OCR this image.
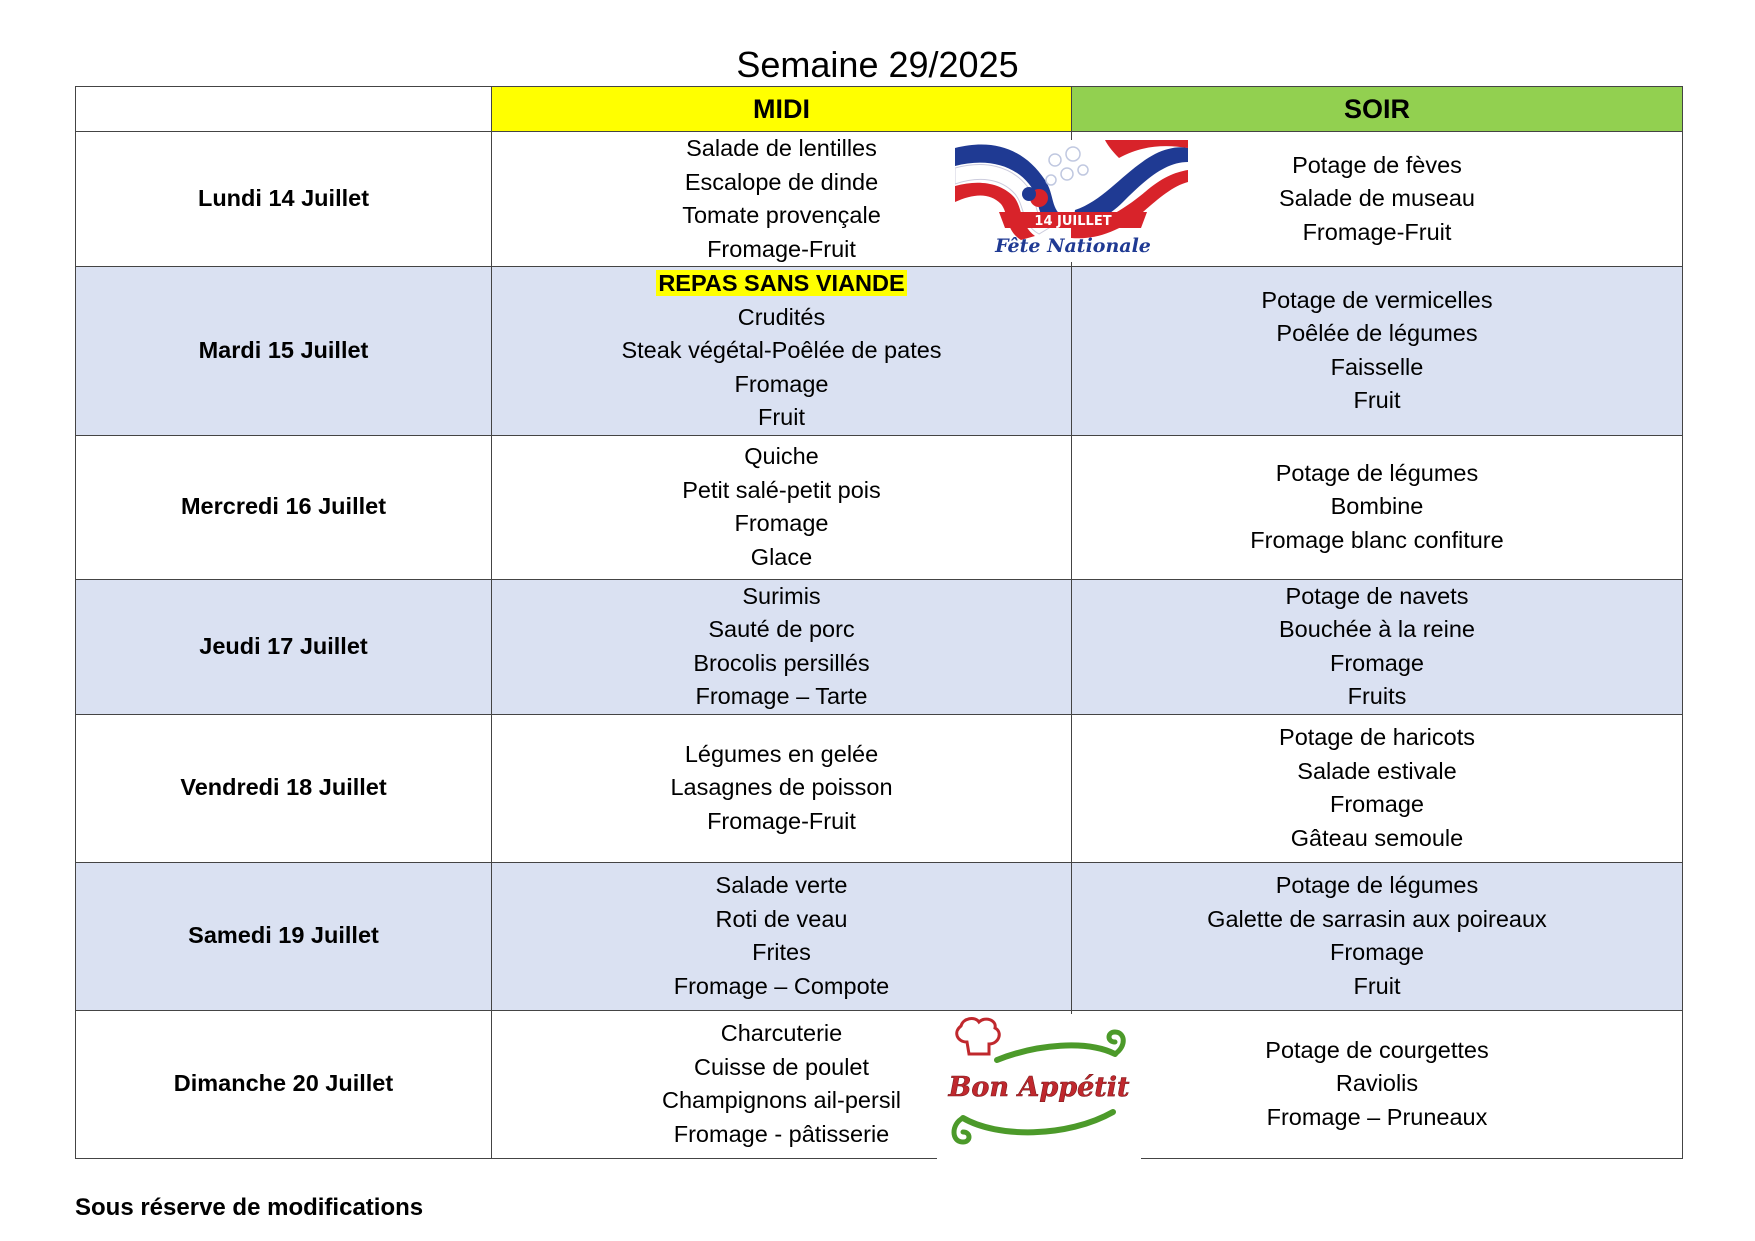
Semaine 29/2025
	MIDI	SOIR
Lundi 14 Juillet	Salade de lentilles
Escalope de dinde
Tomate provençale
Fromage-Fruit	Potage de fèves
Salade de museau
Fromage-Fruit

Mardi 15 Juillet	REPAS SANS VIANDE
Crudités
Steak végétal-Poêlée de pates
Fromage
Fruit	Potage de vermicelles
Poêlée de légumes
Faisselle
Fruit

Mercredi 16 Juillet	Quiche
Petit salé-petit pois
Fromage
Glace	Potage de légumes
Bombine
Fromage blanc confiture

Jeudi 17 Juillet	Surimis
Sauté de porc
Brocolis persillés
Fromage – Tarte	Potage de navets
Bouchée à la reine
Fromage
Fruits

Vendredi 18 Juillet	Légumes en gelée
Lasagnes de poisson
Fromage-Fruit	Potage de haricots
Salade estivale
Fromage
Gâteau semoule

Samedi 19 Juillet	Salade verte
Roti de veau
Frites
Fromage – Compote	Potage de légumes
Galette de sarrasin aux poireaux
Fromage
Fruit

Dimanche 20 Juillet	Charcuterie
Cuisse de poulet
Champignons ail-persil
Fromage - pâtisserie	Potage de courgettes
Raviolis
Fromage – Pruneaux
14 JUILLET
Fête Nationale
Bon Appétit
Sous réserve de modifications
